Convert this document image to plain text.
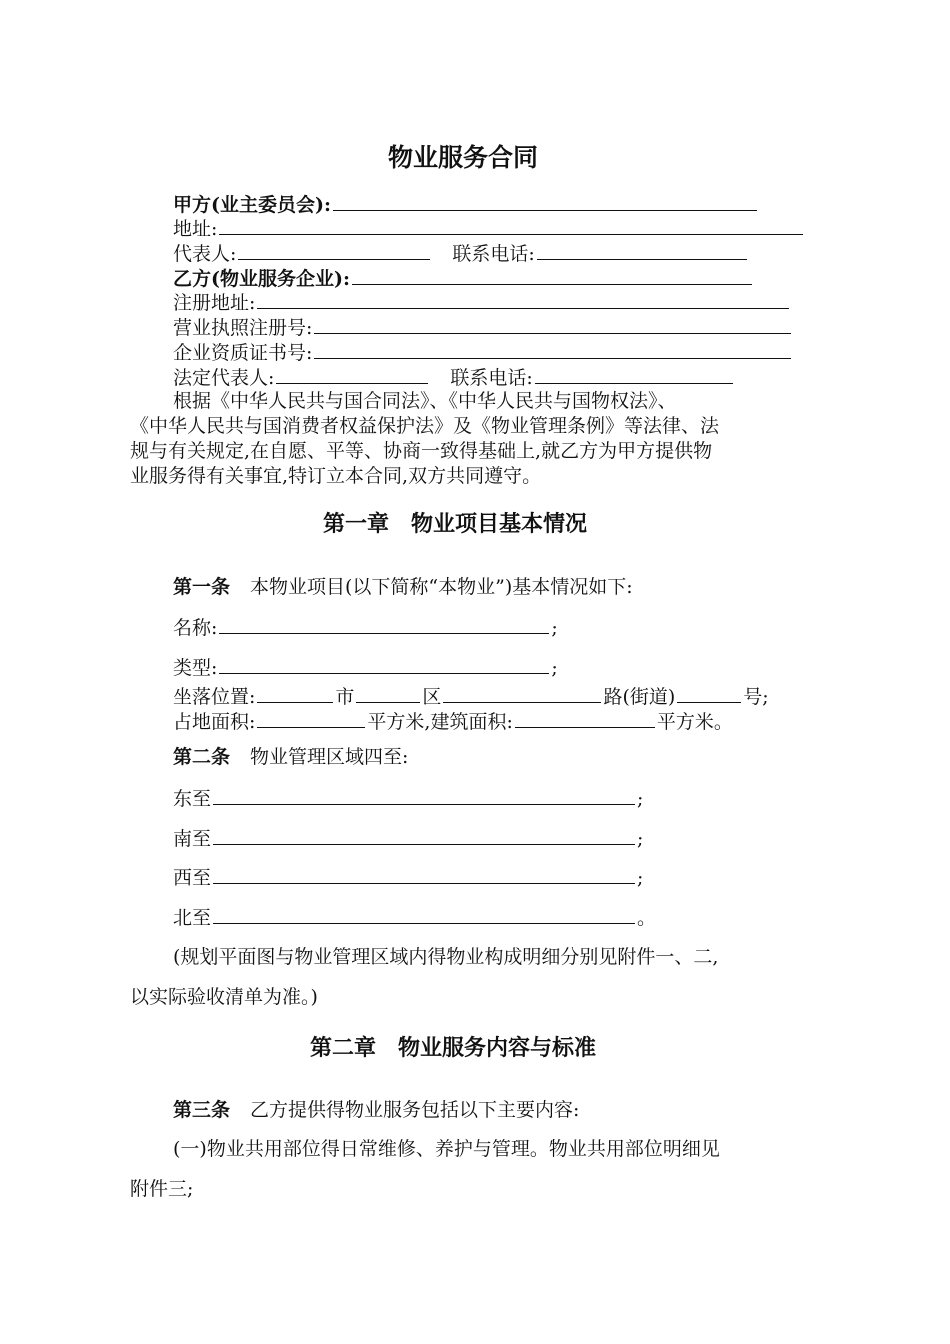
物业服务合同
甲方(业主委员会):
地址:
代表人:	联系电话:
乙方(物业服务企业):
注册地址:
营业执照注册号:
企业资质证书号:
法定代表人:	联系电话:
根据《中华人民共与国合同法》、《中华人民共与国物权法》、
《中华人民共与国消费者权益保护法》及《物业管理条例》等法律、法
规与有关规定,在自愿、平等、协商一致得基础上,就乙方为甲方提供物
业服务得有关事宜,特订立本合同,双方共同遵守。
第一章　物业项目基本情况
第一条 本物业项目(以下简称“本物业”)基本情况如下:
名称:	;
类型:	;
坐落位置:	市	区	路(街道)	号;
占地面积:	平方米,建筑面积:	平方米。
第二条 物业管理区域四至:
东至	;
南至	;
西至	;
北至	。
(规划平面图与物业管理区域内得物业构成明细分别见附件一、二,
以实际验收清单为准。)
第二章　物业服务内容与标准
第三条 乙方提供得物业服务包括以下主要内容:
(一)物业共用部位得日常维修、养护与管理。物业共用部位明细见
附件三;
